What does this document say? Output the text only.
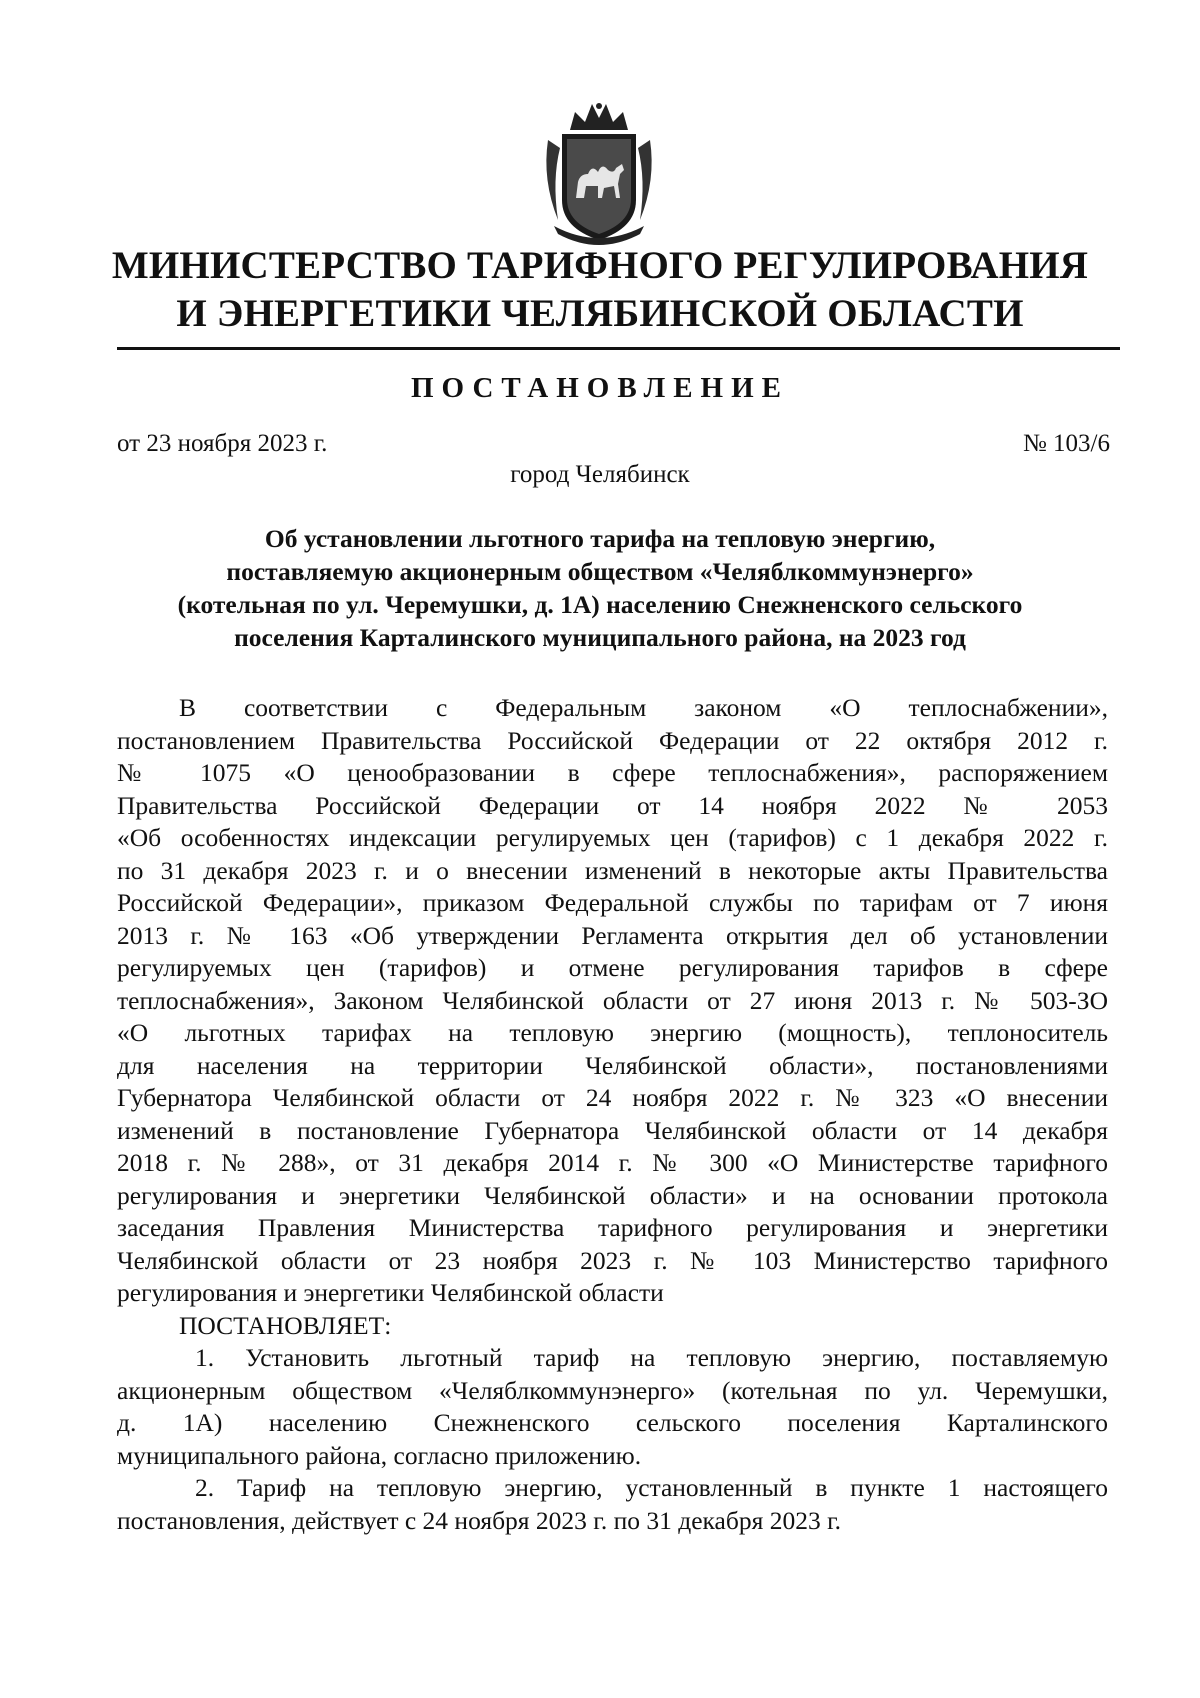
МИНИСТЕРСТВО ТАРИФНОГО РЕГУЛИРОВАНИЯ
И ЭНЕРГЕТИКИ ЧЕЛЯБИНСКОЙ ОБЛАСТИ
ПОСТАНОВЛЕНИЕ
от 23 ноября 2023 г.	№ 103/6
город Челябинск
Об установлении льготного тарифа на тепловую энергию,
поставляемую акционерным обществом «Челяблкоммунэнерго»
(котельная по ул. Черемушки, д. 1А) населению Снежненского сельского
поселения Карталинского муниципального района, на 2023 год
В соответствии с Федеральным законом «О теплоснабжении»,
постановлением Правительства Российской Федерации от 22 октября 2012 г.
№ 1075 «О ценообразовании в сфере теплоснабжения», распоряжением
Правительства Российской Федерации от 14 ноября 2022 № 2053
«Об особенностях индексации регулируемых цен (тарифов) с 1 декабря 2022 г.
по 31 декабря 2023 г. и о внесении изменений в некоторые акты Правительства
Российской Федерации», приказом Федеральной службы по тарифам от 7 июня
2013 г. № 163 «Об утверждении Регламента открытия дел об установлении
регулируемых цен (тарифов) и отмене регулирования тарифов в сфере
теплоснабжения», Законом Челябинской области от 27 июня 2013 г. № 503-ЗО
«О льготных тарифах на тепловую энергию (мощность), теплоноситель
для населения на территории Челябинской области», постановлениями
Губернатора Челябинской области от 24 ноября 2022 г. № 323 «О внесении
изменений в постановление Губернатора Челябинской области от 14 декабря
2018 г. № 288», от 31 декабря 2014 г. № 300 «О Министерстве тарифного
регулирования и энергетики Челябинской области» и на основании протокола
заседания Правления Министерства тарифного регулирования и энергетики
Челябинской области от 23 ноября 2023 г. № 103 Министерство тарифного
регулирования и энергетики Челябинской области
ПОСТАНОВЛЯЕТ:
1. Установить льготный тариф на тепловую энергию, поставляемую
акционерным обществом «Челяблкоммунэнерго» (котельная по ул. Черемушки,
д. 1А) населению Снежненского сельского поселения Карталинского
муниципального района, согласно приложению.
2. Тариф на тепловую энергию, установленный в пункте 1 настоящего
постановления, действует с 24 ноября 2023 г. по 31 декабря 2023 г.
